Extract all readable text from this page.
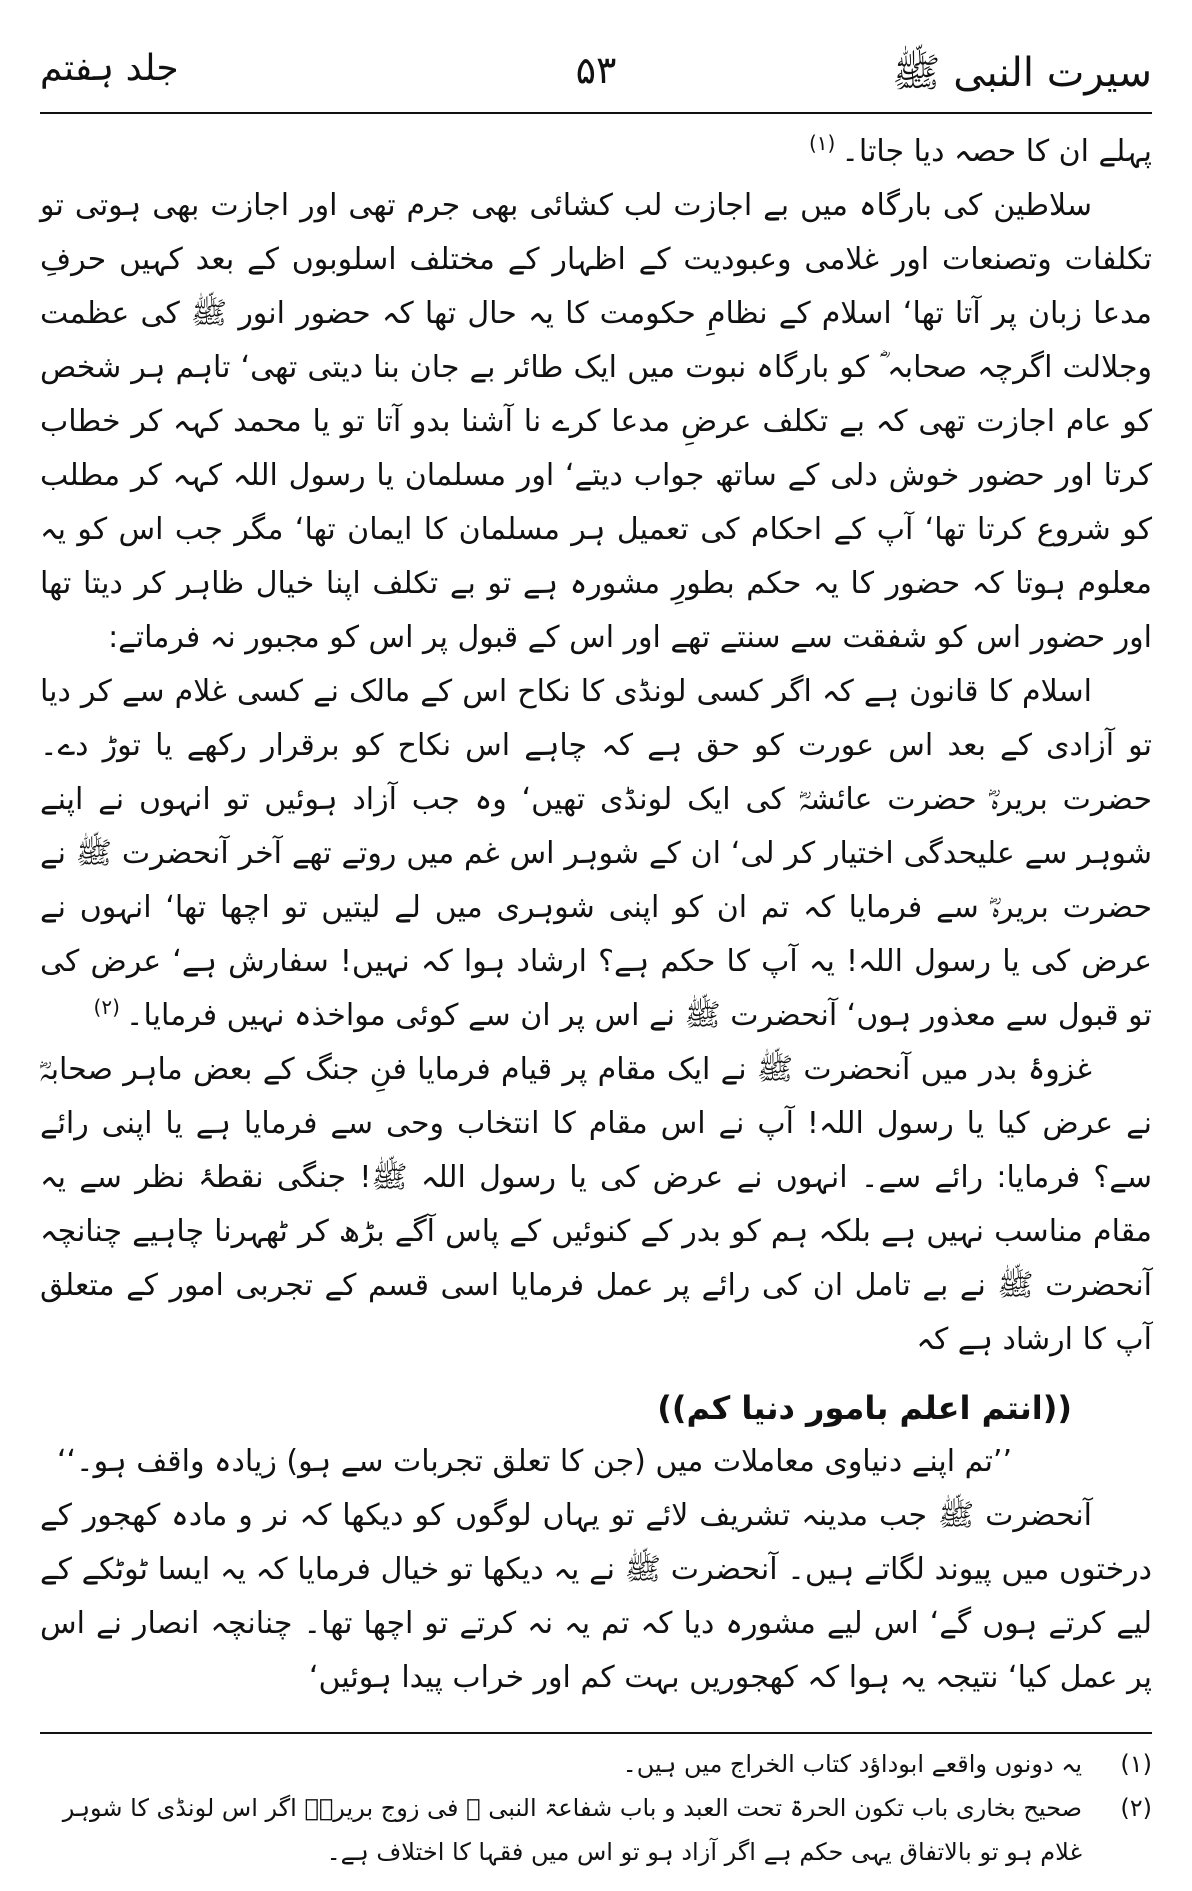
سیرت النبی ﷺ
۵۳
جلد ہفتم

پہلے ان کا حصہ دیا جاتا۔$^{(۱)}$

سلاطین کی بارگاہ میں بے اجازت لب کشائی بھی جرم تھی اور اجازت بھی ہوتی تو تکلفات وتصنعات اور غلامی وعبودیت کے اظہار کے مختلف اسلوبوں کے بعد کہیں حرفِ مدعا زبان پر آتا تھا‘ اسلام کے نظامِ حکومت کا یہ حال تھا کہ حضور انور ﷺ کی عظمت وجلالت اگرچہ صحابہ ؓ کو بارگاہ نبوت میں ایک طائر بے جان بنا دیتی تھی‘ تاہم ہر شخص کو عام اجازت تھی کہ بے تکلف عرضِ مدعا کرے نا آشنا بدو آتا تو یا محمد کہہ کر خطاب کرتا اور حضور خوش دلی کے ساتھ جواب دیتے‘ اور مسلمان یا رسول اللہ کہہ کر مطلب کو شروع کرتا تھا‘ آپ کے احکام کی تعمیل ہر مسلمان کا ایمان تھا‘ مگر جب اس کو یہ معلوم ہوتا کہ حضور کا یہ حکم بطورِ مشورہ ہے تو بے تکلف اپنا خیال ظاہر کر دیتا تھا اور حضور اس کو شفقت سے سنتے تھے اور اس کے قبول پر اس کو مجبور نہ فرماتے:

اسلام کا قانون ہے کہ اگر کسی لونڈی کا نکاح اس کے مالک نے کسی غلام سے کر دیا تو آزادی کے بعد اس عورت کو حق ہے کہ چاہے اس نکاح کو برقرار رکھے یا توڑ دے۔ حضرت بریرہؓ حضرت عائشہؓ کی ایک لونڈی تھیں‘ وہ جب آزاد ہوئیں تو انہوں نے اپنے شوہر سے علیحدگی اختیار کر لی‘ ان کے شوہر اس غم میں روتے تھے آخر آنحضرت ﷺ نے حضرت بریرہؓ سے فرمایا کہ تم ان کو اپنی شوہری میں لے لیتیں تو اچھا تھا‘ انہوں نے عرض کی یا رسول اللہ! یہ آپ کا حکم ہے؟ ارشاد ہوا کہ نہیں! سفارش ہے‘ عرض کی تو قبول سے معذور ہوں‘ آنحضرت ﷺ نے اس پر ان سے کوئی مواخذہ نہیں فرمایا۔$^{(۲)}$

غزوۂ بدر میں آنحضرت ﷺ نے ایک مقام پر قیام فرمایا فنِ جنگ کے بعض ماہر صحابہؓ نے عرض کیا یا رسول اللہ! آپ نے اس مقام کا انتخاب وحی سے فرمایا ہے یا اپنی رائے سے؟ فرمایا: رائے سے۔ انہوں نے عرض کی یا رسول اللہ ﷺ! جنگی نقطۂ نظر سے یہ مقام مناسب نہیں ہے بلکہ ہم کو بدر کے کنوئیں کے پاس آگے بڑھ کر ٹھہرنا چاہیے چنانچہ آنحضرت ﷺ نے بے تامل ان کی رائے پر عمل فرمایا اسی قسم کے تجربی امور کے متعلق آپ کا ارشاد ہے کہ

((انتم اعلم بامور دنیا کم))

’’تم اپنے دنیاوی معاملات میں (جن کا تعلق تجربات سے ہو) زیادہ واقف ہو۔‘‘

آنحضرت ﷺ جب مدینہ تشریف لائے تو یہاں لوگوں کو دیکھا کہ نر و مادہ کھجور کے درختوں میں پیوند لگاتے ہیں۔ آنحضرت ﷺ نے یہ دیکھا تو خیال فرمایا کہ یہ ایسا ٹوٹکے کے لیے کرتے ہوں گے‘ اس لیے مشورہ دیا کہ تم یہ نہ کرتے تو اچھا تھا۔ چنانچہ انصار نے اس پر عمل کیا‘ نتیجہ یہ ہوا کہ کھجوریں بہت کم اور خراب پیدا ہوئیں‘

(۱)
یہ دونوں واقعے ابوداؤد کتاب الخراج میں ہیں۔
(۲)
صحیح بخاری باب تکون الحرۃ تحت العبد و باب شفاعۃ النبی ﷺ فی زوج بریرۃؓ اگر اس لونڈی کا شوہر غلام ہو تو بالاتفاق یہی حکم ہے اگر آزاد ہو تو اس میں فقہا کا اختلاف ہے۔
